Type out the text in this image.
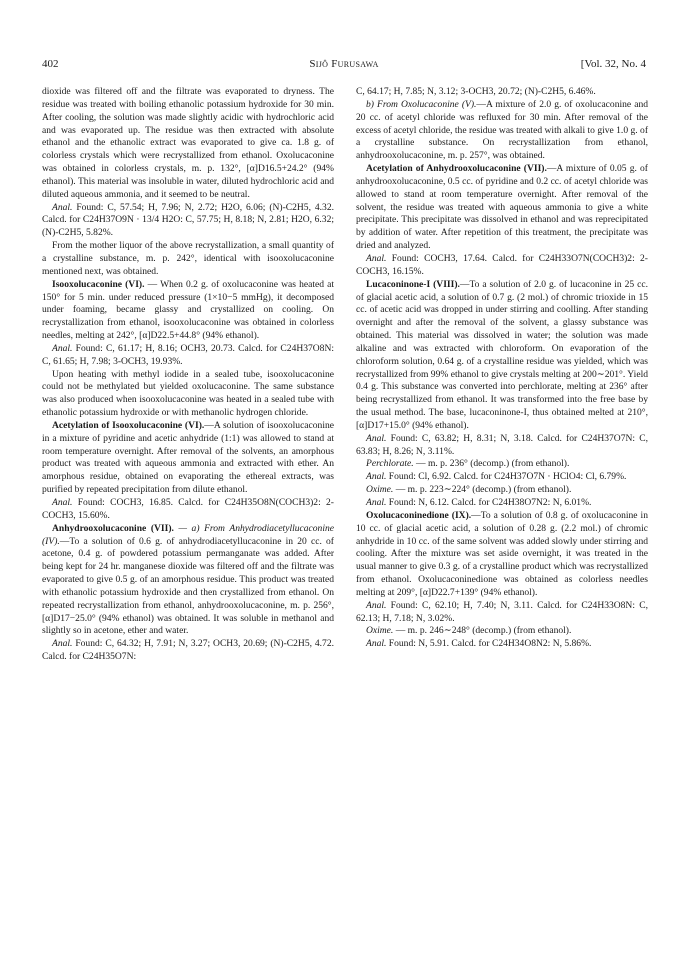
402	Sijô Furusawa	[Vol. 32, No. 4

dioxide was filtered off and the filtrate was evaporated to dryness. The residue was treated with boiling ethanolic potassium hydroxide for 30 min. After cooling, the solution was made slightly acidic with hydrochloric acid and was evaporated up. The residue was then extracted with absolute ethanol and the ethanolic extract was evaporated to give ca. 1.8 g. of colorless crystals which were recrystallized from ethanol. Oxolucaconine was obtained in colorless crystals, m. p. 132°, [α]D16.5+24.2° (94% ethanol). This material was insoluble in water, diluted hydrochloric acid and diluted aqueous ammonia, and it seemed to be neutral.

Anal. Found: C, 57.54; H, 7.96; N, 2.72; H2O, 6.06; (N)-C2H5, 4.32. Calcd. for C24H37O9N · 13/4 H2O: C, 57.75; H, 8.18; N, 2.81; H2O, 6.32; (N)-C2H5, 5.82%.

From the mother liquor of the above recrystallization, a small quantity of a crystalline substance, m. p. 242°, identical with isooxolucaconine mentioned next, was obtained.

Isooxolucaconine (VI). — When 0.2 g. of oxolucaconine was heated at 150° for 5 min. under reduced pressure (1×10−5 mmHg), it decomposed under foaming, became glassy and crystallized on cooling. On recrystallization from ethanol, isooxolucaconine was obtained in colorless needles, melting at 242°, [α]D22.5+44.8° (94% ethanol).

Anal. Found: C, 61.17; H, 8.16; OCH3, 20.73. Calcd. for C24H37O8N: C, 61.65; H, 7.98; 3-OCH3, 19.93%.

Upon heating with methyl iodide in a sealed tube, isooxolucaconine could not be methylated but yielded oxolucaconine. The same substance was also produced when isooxolucaconine was heated in a sealed tube with ethanolic potassium hydroxide or with methanolic hydrogen chloride.

Acetylation of Isooxolucaconine (VI).—A solution of isooxolucaconine in a mixture of pyridine and acetic anhydride (1:1) was allowed to stand at room temperature overnight. After removal of the solvents, an amorphous product was treated with aqueous ammonia and extracted with ether. An amorphous residue, obtained on evaporating the ethereal extracts, was purified by repeated precipitation from dilute ethanol.

Anal. Found: COCH3, 16.85. Calcd. for C24H35O8N(COCH3)2: 2-COCH3, 15.60%.

Anhydrooxolucaconine (VII). — a) From Anhydrodiacetyllucaconine (IV).—To a solution of 0.6 g. of anhydrodiacetyllucaconine in 20 cc. of acetone, 0.4 g. of powdered potassium permanganate was added. After being kept for 24 hr. manganese dioxide was filtered off and the filtrate was evaporated to give 0.5 g. of an amorphous residue. This product was treated with ethanolic potassium hydroxide and then crystallized from ethanol. On repeated recrystallization from ethanol, anhydrooxolucaconine, m. p. 256°, [α]D17−25.0° (94% ethanol) was obtained. It was soluble in methanol and slightly so in acetone, ether and water.

Anal. Found: C, 64.32; H, 7.91; N, 3.27; OCH3, 20.69; (N)-C2H5, 4.72. Calcd. for C24H35O7N:

C, 64.17; H, 7.85; N, 3.12; 3-OCH3, 20.72; (N)-C2H5, 6.46%.

b) From Oxolucaconine (V).—A mixture of 2.0 g. of oxolucaconine and 20 cc. of acetyl chloride was refluxed for 30 min. After removal of the excess of acetyl chloride, the residue was treated with alkali to give 1.0 g. of a crystalline substance. On recrystallization from ethanol, anhydrooxolucaconine, m. p. 257°, was obtained.

Acetylation of Anhydrooxolucaconine (VII).—A mixture of 0.05 g. of anhydrooxolucaconine, 0.5 cc. of pyridine and 0.2 cc. of acetyl chloride was allowed to stand at room temperature overnight. After removal of the solvent, the residue was treated with aqueous ammonia to give a white precipitate. This precipitate was dissolved in ethanol and was reprecipitated by addition of water. After repetition of this treatment, the precipitate was dried and analyzed.

Anal. Found: COCH3, 17.64. Calcd. for C24H33O7N(COCH3)2: 2-COCH3, 16.15%.

Lucaconinone-I (VIII).—To a solution of 2.0 g. of lucaconine in 25 cc. of glacial acetic acid, a solution of 0.7 g. (2 mol.) of chromic trioxide in 15 cc. of acetic acid was dropped in under stirring and coolling. After standing overnight and after the removal of the solvent, a glassy substance was obtained. This material was dissolved in water; the solution was made alkaline and was extracted with chloroform. On evaporation of the chloroform solution, 0.64 g. of a crystalline residue was yielded, which was recrystallized from 99% ethanol to give crystals melting at 200∼201°. Yield 0.4 g. This substance was converted into perchlorate, melting at 236° after being recrystallized from ethanol. It was transformed into the free base by the usual method. The base, lucaconinone-I, thus obtained melted at 210°, [α]D17+15.0° (94% ethanol).

Anal. Found: C, 63.82; H, 8.31; N, 3.18. Calcd. for C24H37O7N: C, 63.83; H, 8.26; N, 3.11%.

Perchlorate. — m. p. 236° (decomp.) (from ethanol).

Anal. Found: Cl, 6.92. Calcd. for C24H37O7N · HClO4: Cl, 6.79%.

Oxime. — m. p. 223∼224° (decomp.) (from ethanol).

Anal. Found: N, 6.12. Calcd. for C24H38O7N2: N, 6.01%.

Oxolucaconinedione (IX).—To a solution of 0.8 g. of oxolucaconine in 10 cc. of glacial acetic acid, a solution of 0.28 g. (2.2 mol.) of chromic anhydride in 10 cc. of the same solvent was added slowly under stirring and cooling. After the mixture was set aside overnight, it was treated in the usual manner to give 0.3 g. of a crystalline product which was recrystallized from ethanol. Oxolucaconinedione was obtained as colorless needles melting at 209°, [α]D22.7+139° (94% ethanol).

Anal. Found: C, 62.10; H, 7.40; N, 3.11. Calcd. for C24H33O8N: C, 62.13; H, 7.18; N, 3.02%.

Oxime. — m. p. 246∼248° (decomp.) (from ethanol).

Anal. Found: N, 5.91. Calcd. for C24H34O8N2: N, 5.86%.
